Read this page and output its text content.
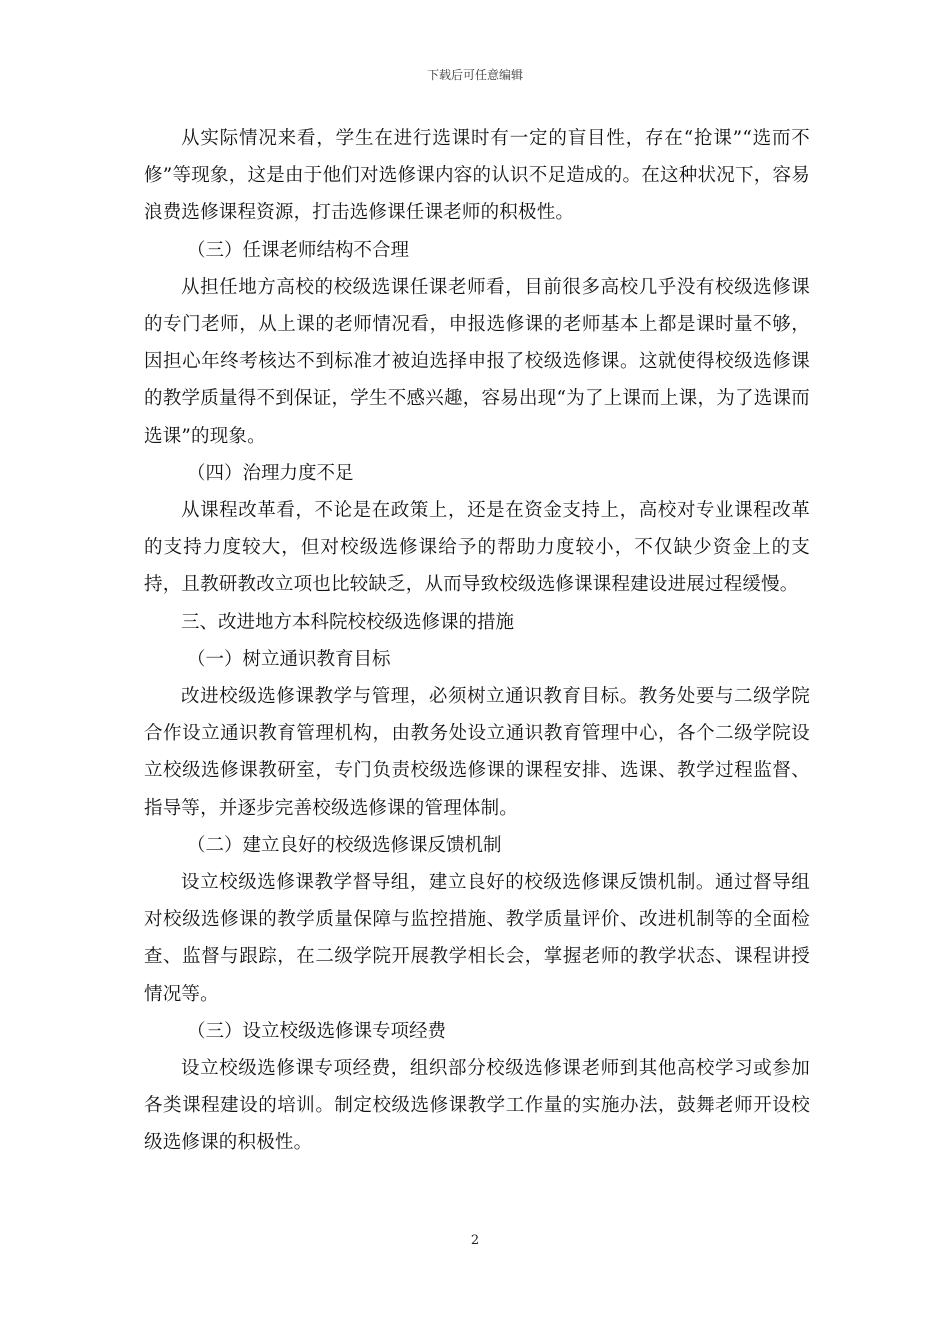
下载后可任意编辑

从实际情况来看，学生在进行选课时有一定的盲目性，存在“抢课”“选而不修”等现象，这是由于他们对选修课内容的认识不足造成的。在这种状况下，容易浪费选修课程资源，打击选修课任课老师的积极性。

（三）任课老师结构不合理

从担任地方高校的校级选课任课老师看，目前很多高校几乎没有校级选修课的专门老师，从上课的老师情况看，申报选修课的老师基本上都是课时量不够，因担心年终考核达不到标准才被迫选择申报了校级选修课。这就使得校级选修课的教学质量得不到保证，学生不感兴趣，容易出现“为了上课而上课，为了选课而选课”的现象。

（四）治理力度不足

从课程改革看，不论是在政策上，还是在资金支持上，高校对专业课程改革的支持力度较大，但对校级选修课给予的帮助力度较小，不仅缺少资金上的支持，且教研教改立项也比较缺乏，从而导致校级选修课课程建设进展过程缓慢。

三、改进地方本科院校校级选修课的措施

（一）树立通识教育目标

改进校级选修课教学与管理，必须树立通识教育目标。教务处要与二级学院合作设立通识教育管理机构，由教务处设立通识教育管理中心，各个二级学院设立校级选修课教研室，专门负责校级选修课的课程安排、选课、教学过程监督、指导等，并逐步完善校级选修课的管理体制。

（二）建立良好的校级选修课反馈机制

设立校级选修课教学督导组，建立良好的校级选修课反馈机制。通过督导组对校级选修课的教学质量保障与监控措施、教学质量评价、改进机制等的全面检查、监督与跟踪，在二级学院开展教学相长会，掌握老师的教学状态、课程讲授情况等。

（三）设立校级选修课专项经费

设立校级选修课专项经费，组织部分校级选修课老师到其他高校学习或参加各类课程建设的培训。制定校级选修课教学工作量的实施办法，鼓舞老师开设校级选修课的积极性。

2
